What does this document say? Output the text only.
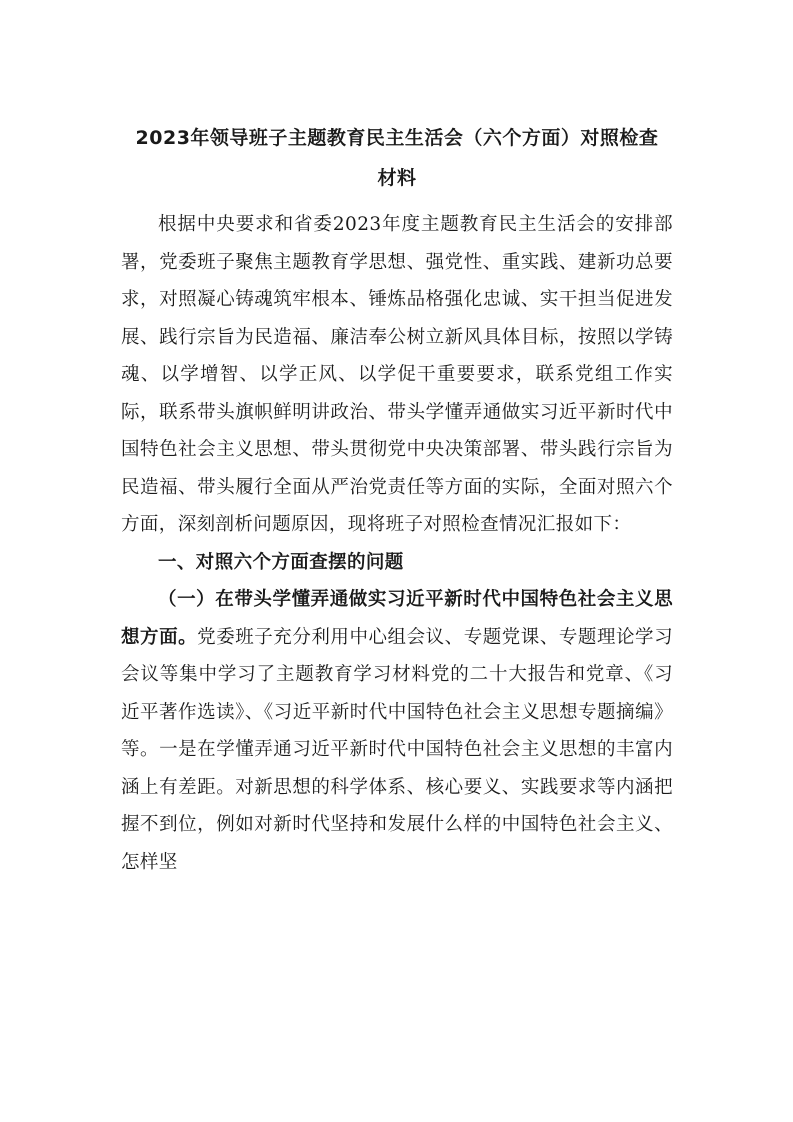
2023年领导班子主题教育民主生活会（六个方面）对照检查
材料

根据中央要求和省委2023年度主题教育民主生活会的安排部署，党委班子聚焦主题教育学思想、强党性、重实践、建新功总要求，对照凝心铸魂筑牢根本、锤炼品格强化忠诚、实干担当促进发展、践行宗旨为民造福、廉洁奉公树立新风具体目标，按照以学铸魂、以学增智、以学正风、以学促干重要要求，联系党组工作实际，联系带头旗帜鲜明讲政治、带头学懂弄通做实习近平新时代中国特色社会主义思想、带头贯彻党中央决策部署、带头践行宗旨为民造福、带头履行全面从严治党责任等方面的实际，全面对照六个方面，深刻剖析问题原因，现将班子对照检查情况汇报如下：

一、对照六个方面查摆的问题

（一）在带头学懂弄通做实习近平新时代中国特色社会主义思想方面。党委班子充分利用中心组会议、专题党课、专题理论学习会议等集中学习了主题教育学习材料党的二十大报告和党章、《习近平著作选读》、《习近平新时代中国特色社会主义思想专题摘编》等。一是在学懂弄通习近平新时代中国特色社会主义思想的丰富内涵上有差距。对新思想的科学体系、核心要义、实践要求等内涵把握不到位，例如对新时代坚持和发展什么样的中国特色社会主义、怎样坚
